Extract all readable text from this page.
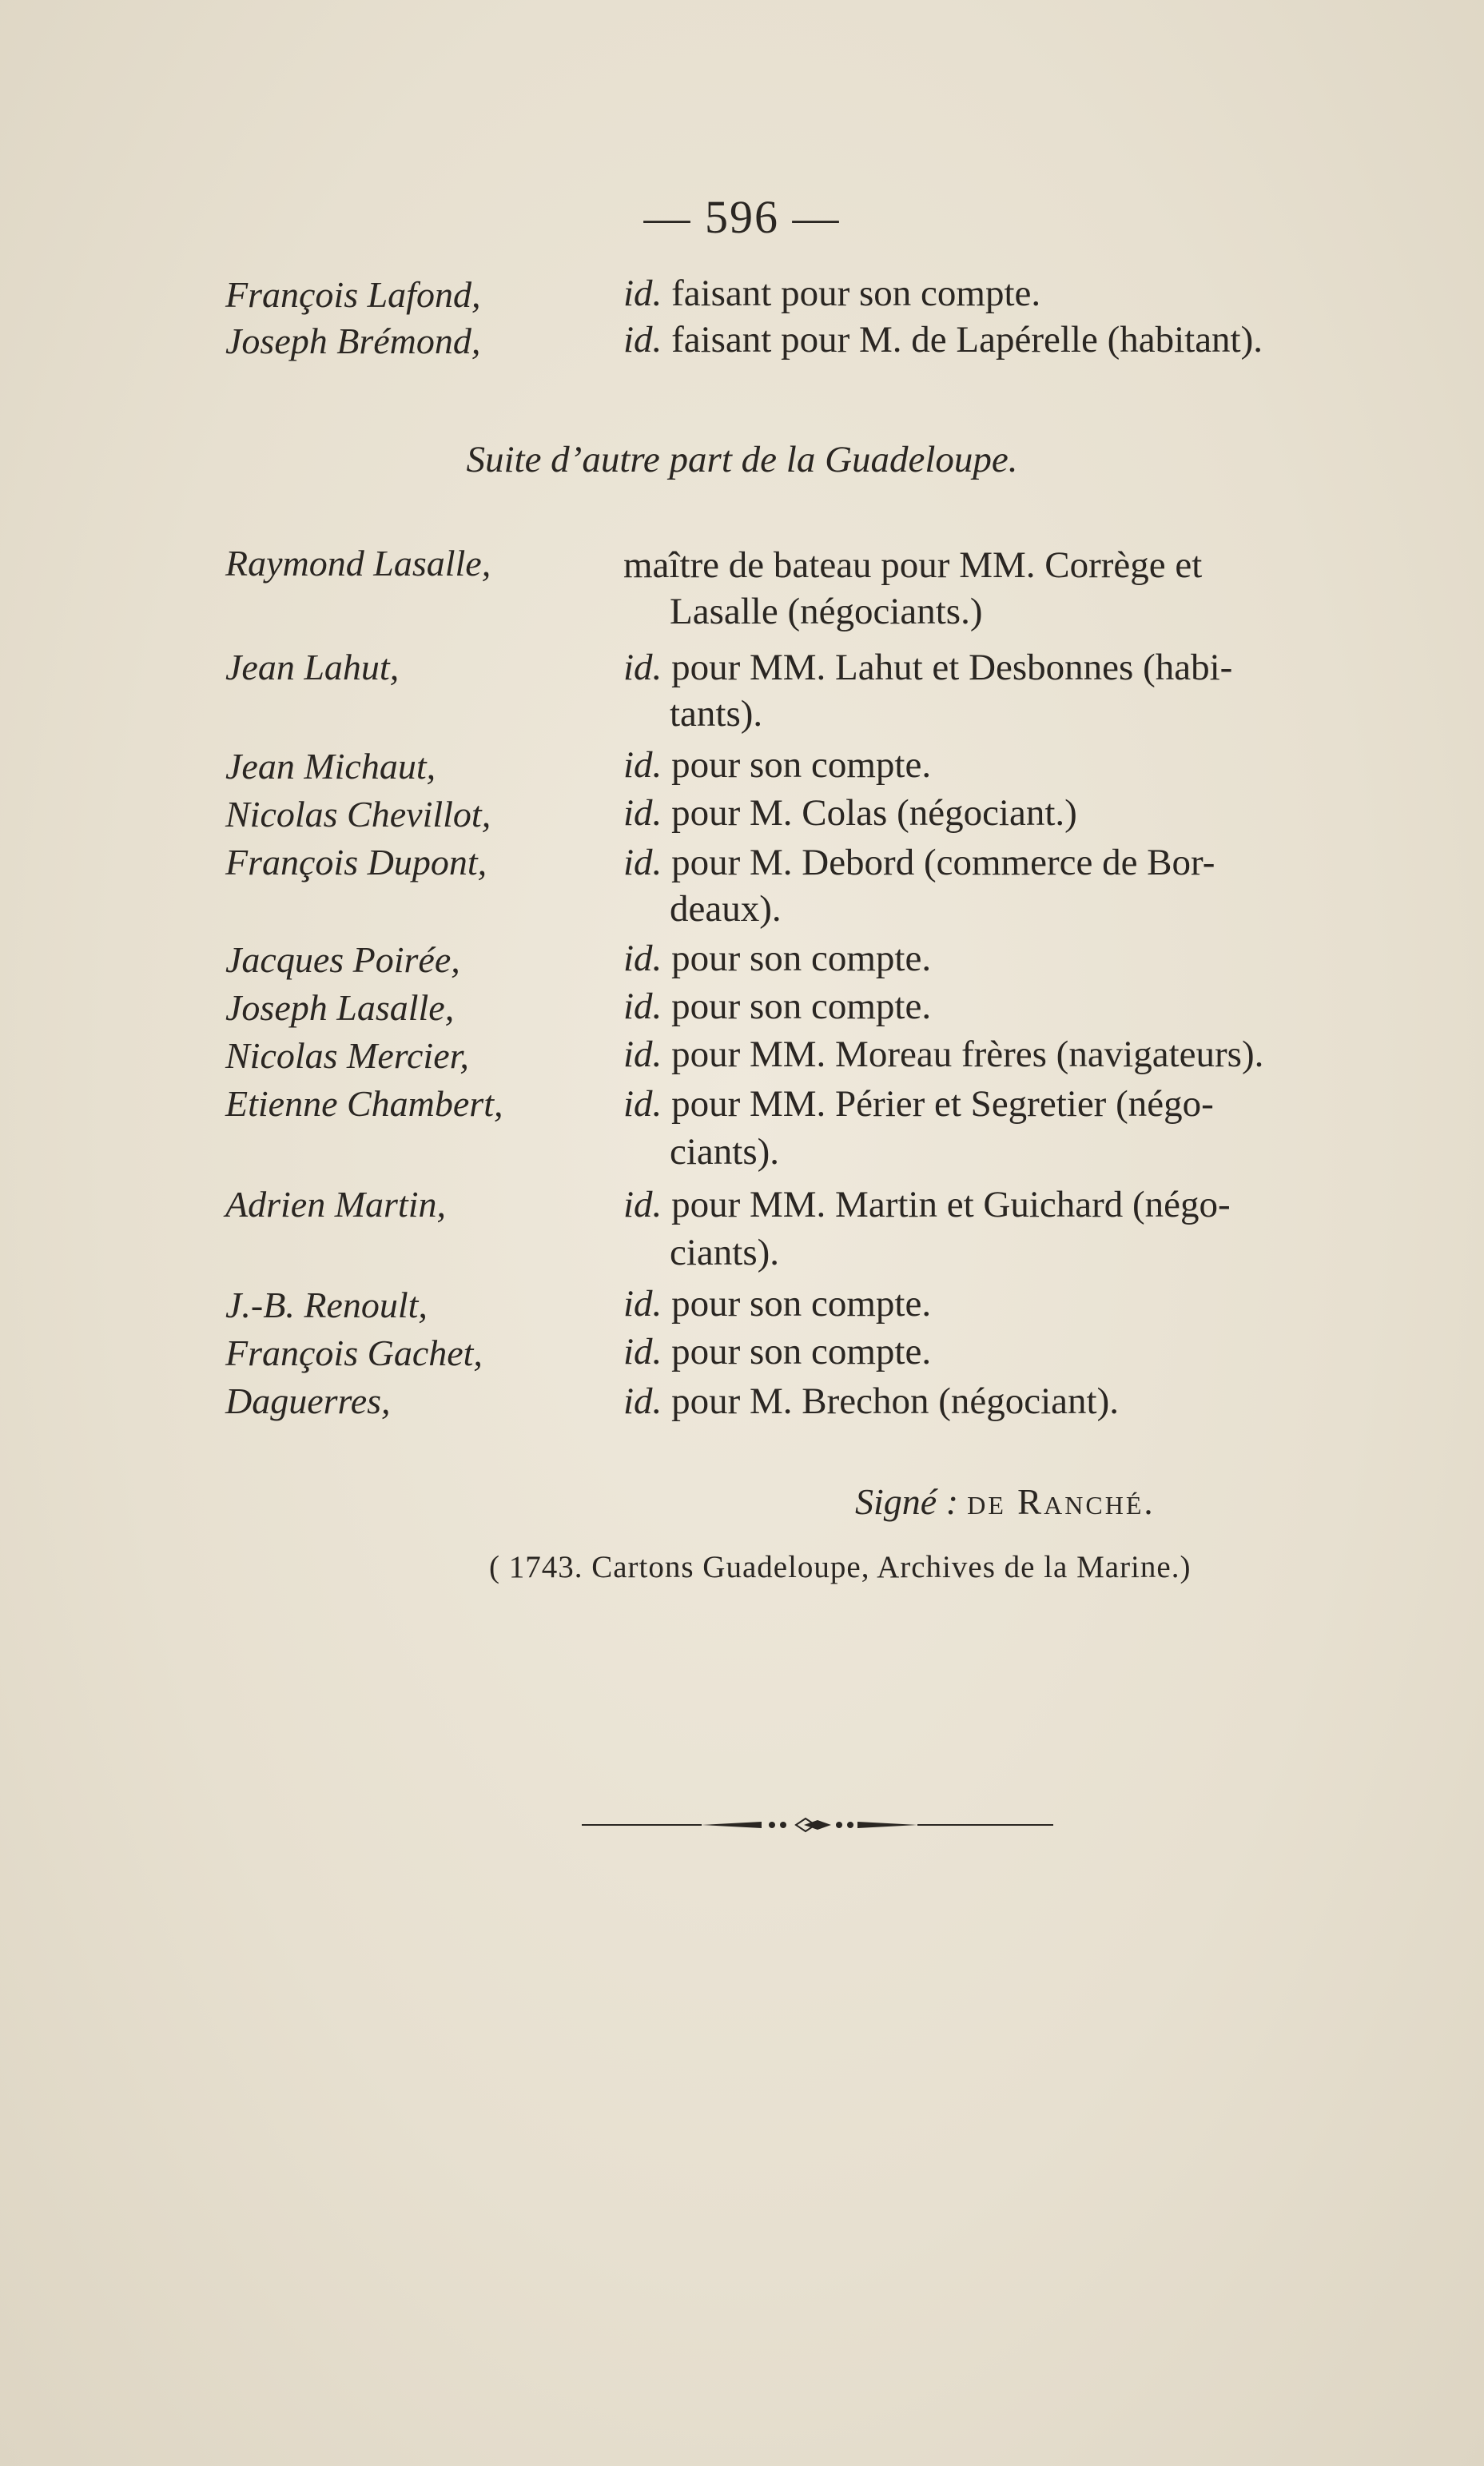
— 596 —
François Lafond,	id. faisant pour son compte.
Joseph Brémond,	id. faisant pour M. de Lapérelle (habitant).
Suite d’autre part de la Guadeloupe.
Raymond Lasalle,	maître de bateau pour MM. Corrège et
Lasalle (négociants.)
Jean Lahut,	id. pour MM. Lahut et Desbonnes (habi-
tants).
Jean Michaut,	id. pour son compte.
Nicolas Chevillot,	id. pour M. Colas (négociant.)
François Dupont,	id. pour M. Debord (commerce de Bor-
deaux).
Jacques Poirée,	id. pour son compte.
Joseph Lasalle,	id. pour son compte.
Nicolas Mercier,	id. pour MM. Moreau frères (navigateurs).
Etienne Chambert,	id. pour MM. Périer et Segretier (négo-
ciants).
Adrien Martin,	id. pour MM. Martin et Guichard (négo-
ciants).
J.-B. Renoult,	id. pour son compte.
François Gachet,	id. pour son compte.
Daguerres,	id. pour M. Brechon (négociant).
Signé : de Ranché.
( 1743. Cartons Guadeloupe, Archives de la Marine.)
